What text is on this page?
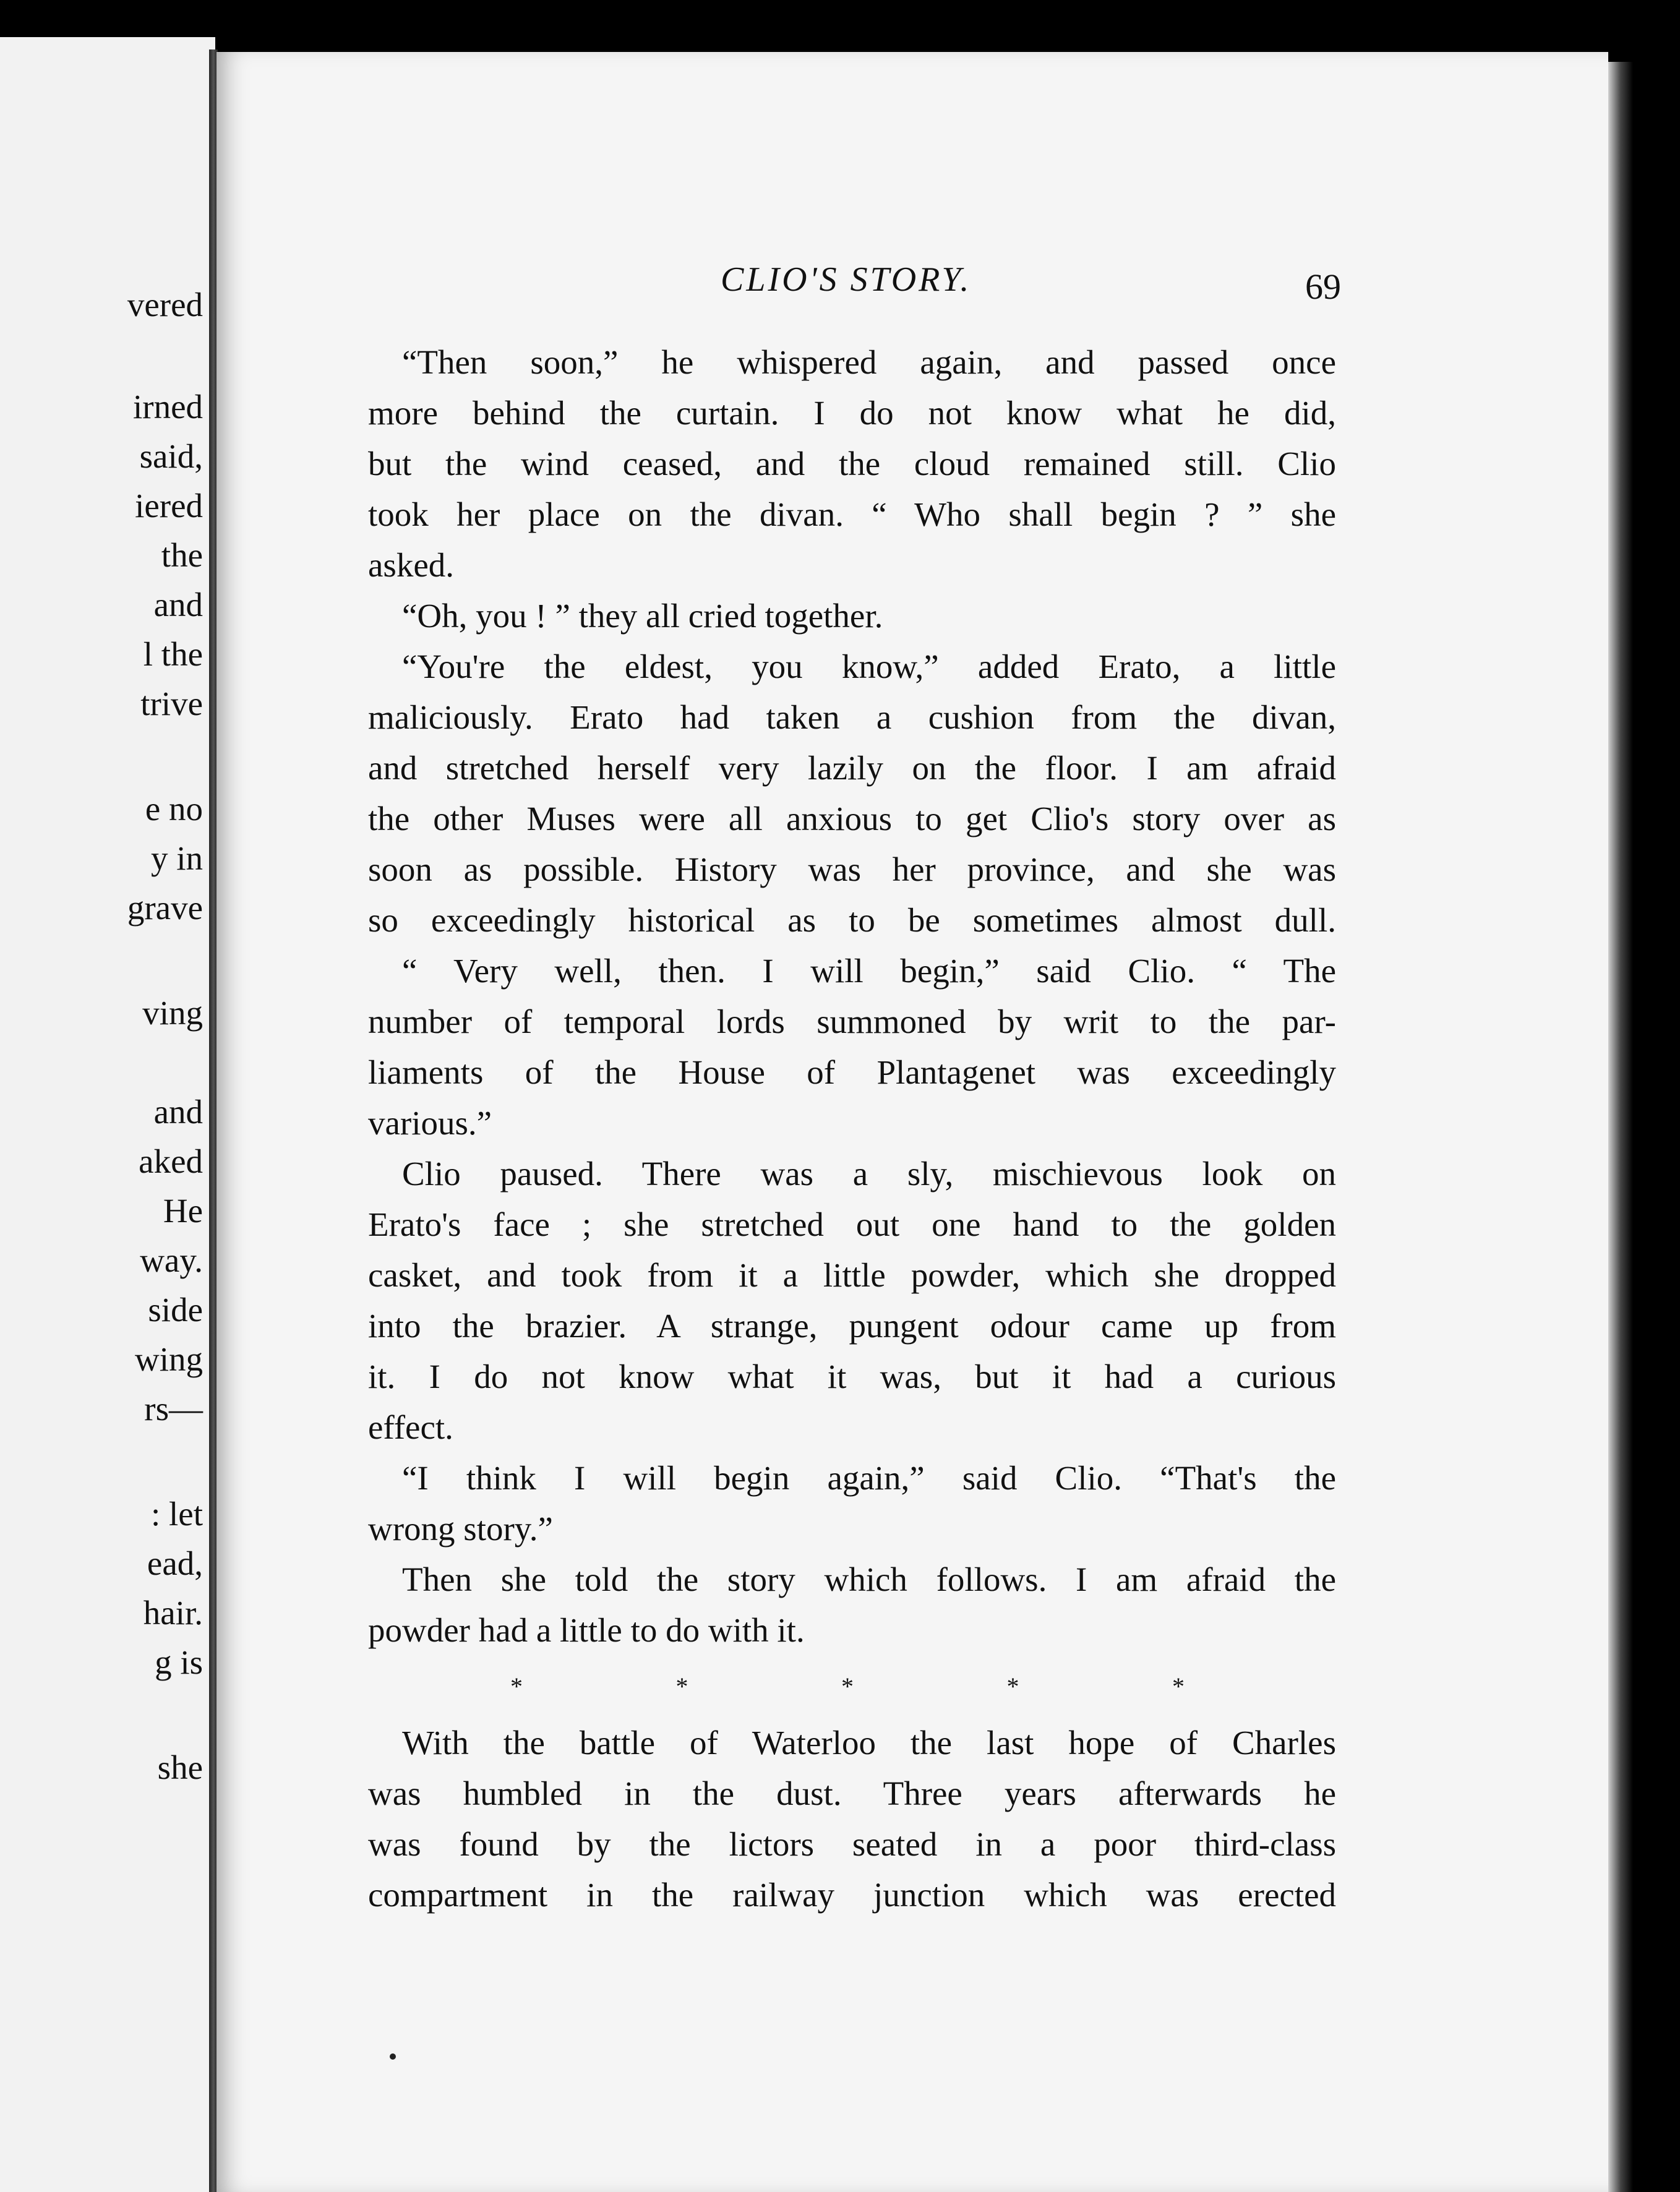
vered
irned
said,
iered
the
and
l the
trive
e no
y in
grave
ving
and
aked
He
way.
side
wing
rs—
: let
ead,
hair.
g is
she
CLIO'S STORY.	69
“Then soon,” he whispered again, and passed once
more behind the curtain. I do not know what he did,
but the wind ceased, and the cloud remained still. Clio
took her place on the divan. “ Who shall begin ? ” she
asked.
“Oh, you ! ” they all cried together.
“You're the eldest, you know,” added Erato, a little
maliciously. Erato had taken a cushion from the divan,
and stretched herself very lazily on the floor. I am afraid
the other Muses were all anxious to get Clio's story over as
soon as possible. History was her province, and she was
so exceedingly historical as to be sometimes almost dull.
“ Very well, then. I will begin,” said Clio. “ The
number of temporal lords summoned by writ to the par-
liaments of the House of Plantagenet was exceedingly
various.”
Clio paused. There was a sly, mischievous look on
Erato's face ; she stretched out one hand to the golden
casket, and took from it a little powder, which she dropped
into the brazier. A strange, pungent odour came up from
it. I do not know what it was, but it had a curious
effect.
“I think I will begin again,” said Clio. “That's the
wrong story.”
Then she told the story which follows. I am afraid the
powder had a little to do with it.
*	*	*	*	*
With the battle of Waterloo the last hope of Charles
was humbled in the dust. Three years afterwards he
was found by the lictors seated in a poor third-class
compartment in the railway junction which was erected
